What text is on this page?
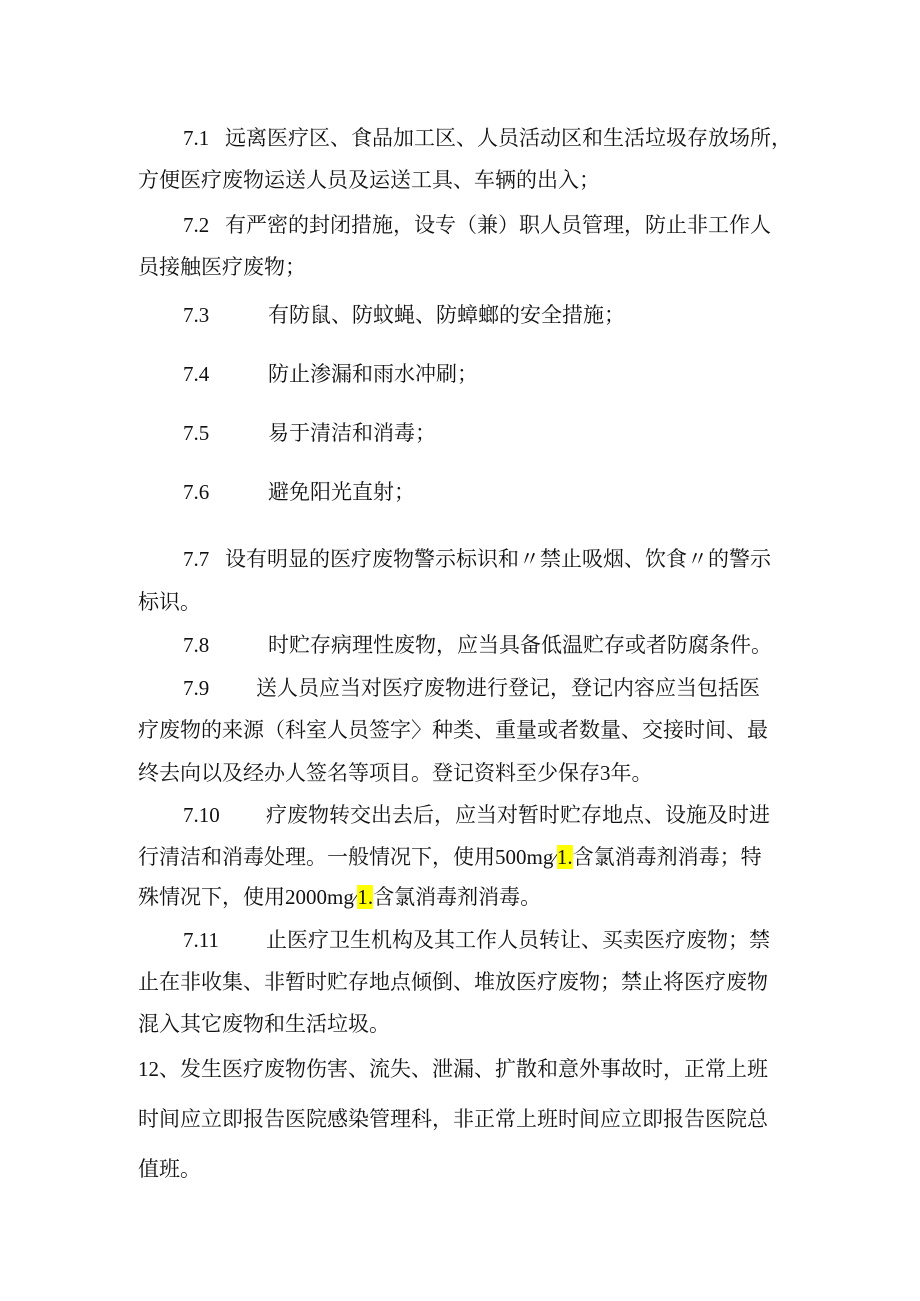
7.1 远离医疗区、食品加工区、人员活动区和生活垃圾存放场所，
方便医疗废物运送人员及运送工具、车辆的出入；
7.2 有严密的封闭措施，设专（兼）职人员管理，防止非工作人
员接触医疗废物；
7.3	有防鼠、防蚊蝇、防蟑螂的安全措施；
7.4	防止渗漏和雨水冲刷；
7.5	易于清洁和消毒；
7.6	避免阳光直射；
7.7 设有明显的医疗废物警示标识和〃禁止吸烟、饮食〃的警示
标识。
7.8	时贮存病理性废物，应当具备低温贮存或者防腐条件。
7.9 送人员应当对医疗废物进行登记，登记内容应当包括医
疗废物的来源（科室人员签字〉种类、重量或者数量、交接时间、最
终去向以及经办人签名等项目。登记资料至少保存3年。
7.10 疗废物转交出去后，应当对暂时贮存地点、设施及时进
行清洁和消毒处理。一般情况下，使用500mg∕1.含氯消毒剂消毒；特
殊情况下，使用2000mg∕1.含氯消毒剂消毒。
7.11 止医疗卫生机构及其工作人员转让、买卖医疗废物；禁
止在非收集、非暂时贮存地点倾倒、堆放医疗废物；禁止将医疗废物
混入其它废物和生活垃圾。
12、 发生医疗废物伤害、流失、泄漏、扩散和意外事故时，正常上班
时间应立即报告医院感染管理科，非正常上班时间应立即报告医院总
值班。
